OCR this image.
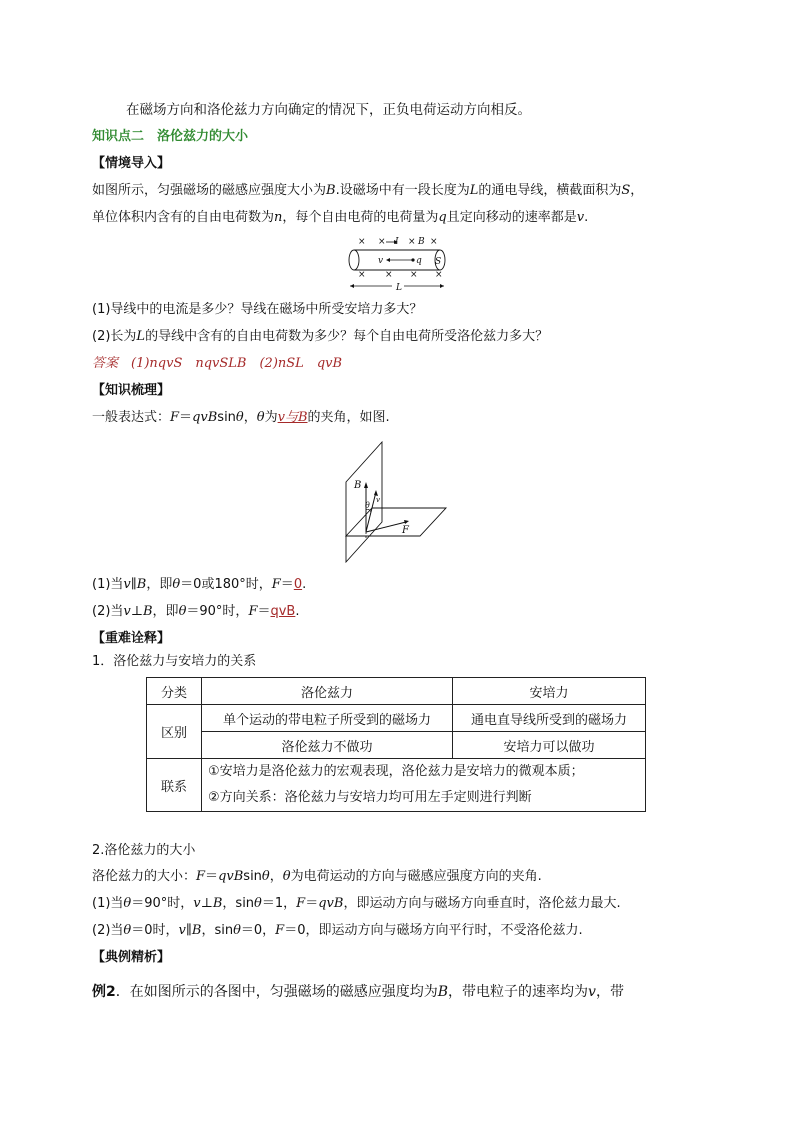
在磁场方向和洛伦兹力方向确定的情况下，正负电荷运动方向相反。
知识点二　洛伦兹力的大小
【情境导入】
如图所示，匀强磁场的磁感应强度大小为B.设磁场中有一段长度为L的通电导线，横截面积为S，
单位体积内含有的自由电荷数为n，每个自由电荷的电荷量为q且定向移动的速率都是v.
× × × B ×
× × × ×
v	q S
L
(1)导线中的电流是多少？导线在磁场中所受安培力多大？
(2)长为L的导线中含有的自由电荷数为多少？每个自由电荷所受洛伦兹力多大？
答案　(1)nqvS　nqvSLB　(2)nSL　qvB
【知识梳理】
一般表达式：F＝qvBsinθ，θ为v与B的夹角，如图.
B
v
θ
F
(1)当v∥B，即θ＝0或180°时，F＝0.
(2)当v⊥B，即θ＝90°时，F＝qvB.
【重难诠释】
1．洛伦兹力与安培力的关系
分类	洛伦兹力	安培力
区别	单个运动的带电粒子所受到的磁场力	通电直导线所受到的磁场力
	洛伦兹力不做功	安培力可以做功
联系	①安培力是洛伦兹力的宏观表现，洛伦兹力是安培力的微观本质；
②方向关系：洛伦兹力与安培力均可用左手定则进行判断	
2.洛伦兹力的大小
洛伦兹力的大小：F＝qvBsinθ，θ为电荷运动的方向与磁感应强度方向的夹角.
(1)当θ＝90°时，v⊥B，sinθ＝1，F＝qvB，即运动方向与磁场方向垂直时，洛伦兹力最大.
(2)当θ＝0时，v∥B，sinθ＝0，F＝0，即运动方向与磁场方向平行时，不受洛伦兹力.
【典例精析】
例2．在如图所示的各图中，匀强磁场的磁感应强度均为B，带电粒子的速率均为v，带
